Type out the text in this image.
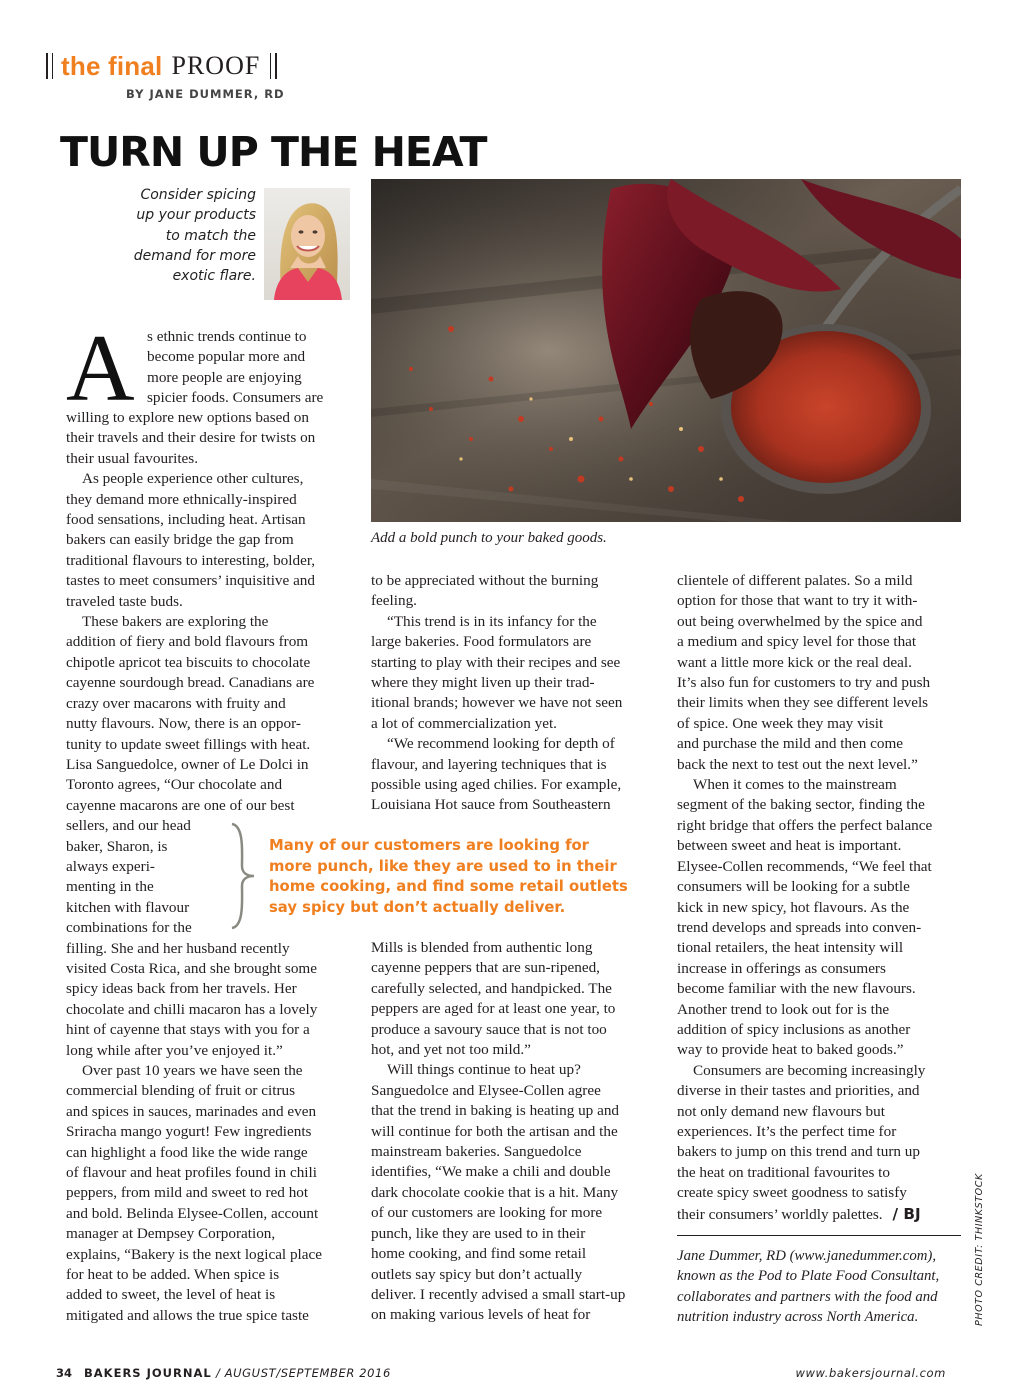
the final PROOF
BY JANE DUMMER, RD
TURN UP THE HEAT
Consider spicing
up your products
to match the
demand for more
exotic flare.
Add a bold punch to your baked goods.
A s ethnic trends continue to
become popular more and
more people are enjoying
spicier foods. Consumers are
willing to explore new options based on
their travels and their desire for twists on
their usual favourites.
As people experience other cultures,
they demand more ethnically-inspired
food sensations, including heat. Artisan
bakers can easily bridge the gap from
traditional flavours to interesting, bolder,
tastes to meet consumers’ inquisitive and
traveled taste buds.
These bakers are exploring the
addition of fiery and bold flavours from
chipotle apricot tea biscuits to chocolate
cayenne sourdough bread. Canadians are
crazy over macarons with fruity and
nutty flavours. Now, there is an oppor-
tunity to update sweet fillings with heat.
Lisa Sanguedolce, owner of Le Dolci in
Toronto agrees, “Our chocolate and
cayenne macarons are one of our best
sellers, and our head
baker, Sharon, is
always experi-
menting in the
kitchen with flavour
combinations for the
filling. She and her husband recently
visited Costa Rica, and she brought some
spicy ideas back from her travels. Her
chocolate and chilli macaron has a lovely
hint of cayenne that stays with you for a
long while after you’ve enjoyed it.”
Over past 10 years we have seen the
commercial blending of fruit or citrus
and spices in sauces, marinades and even
Sriracha mango yogurt! Few ingredients
can highlight a food like the wide range
of flavour and heat profiles found in chili
peppers, from mild and sweet to red hot
and bold. Belinda Elysee-Collen, account
manager at Dempsey Corporation,
explains, “Bakery is the next logical place
for heat to be added. When spice is
added to sweet, the level of heat is
mitigated and allows the true spice taste
to be appreciated without the burning
feeling.
“This trend is in its infancy for the
large bakeries. Food formulators are
starting to play with their recipes and see
where they might liven up their trad-
itional brands; however we have not seen
a lot of commercialization yet.
“We recommend looking for depth of
flavour, and layering techniques that is
possible using aged chilies. For example,
Louisiana Hot sauce from Southeastern
Mills is blended from authentic long
cayenne peppers that are sun-ripened,
carefully selected, and handpicked. The
peppers are aged for at least one year, to
produce a savoury sauce that is not too
hot, and yet not too mild.”
Will things continue to heat up?
Sanguedolce and Elysee-Collen agree
that the trend in baking is heating up and
will continue for both the artisan and the
mainstream bakeries. Sanguedolce
identifies, “We make a chili and double
dark chocolate cookie that is a hit. Many
of our customers are looking for more
punch, like they are used to in their
home cooking, and find some retail
outlets say spicy but don’t actually
deliver. I recently advised a small start-up
on making various levels of heat for
clientele of different palates. So a mild
option for those that want to try it with-
out being overwhelmed by the spice and
a medium and spicy level for those that
want a little more kick or the real deal.
It’s also fun for customers to try and push
their limits when they see different levels
of spice. One week they may visit
and purchase the mild and then come
back the next to test out the next level.”
When it comes to the mainstream
segment of the baking sector, finding the
right bridge that offers the perfect balance
between sweet and heat is important.
Elysee-Collen recommends, “We feel that
consumers will be looking for a subtle
kick in new spicy, hot flavours. As the
trend develops and spreads into conven-
tional retailers, the heat intensity will
increase in offerings as consumers
become familiar with the new flavours.
Another trend to look out for is the
addition of spicy inclusions as another
way to provide heat to baked goods.”
Consumers are becoming increasingly
diverse in their tastes and priorities, and
not only demand new flavours but
experiences. It’s the perfect time for
bakers to jump on this trend and turn up
the heat on traditional favourites to
create spicy sweet goodness to satisfy
their consumers’ worldly palettes. / BJ
Many of our customers are looking for
more punch, like they are used to in their
home cooking, and find some retail outlets
say spicy but don’t actually deliver.
Jane Dummer, RD (www.janedummer.com),
known as the Pod to Plate Food Consultant,
collaborates and partners with the food and
nutrition industry across North America.	PHOTO CREDIT: THINKSTOCK
34 BAKERS JOURNAL / AUGUST/SEPTEMBER 2016	www.bakersjournal.com
